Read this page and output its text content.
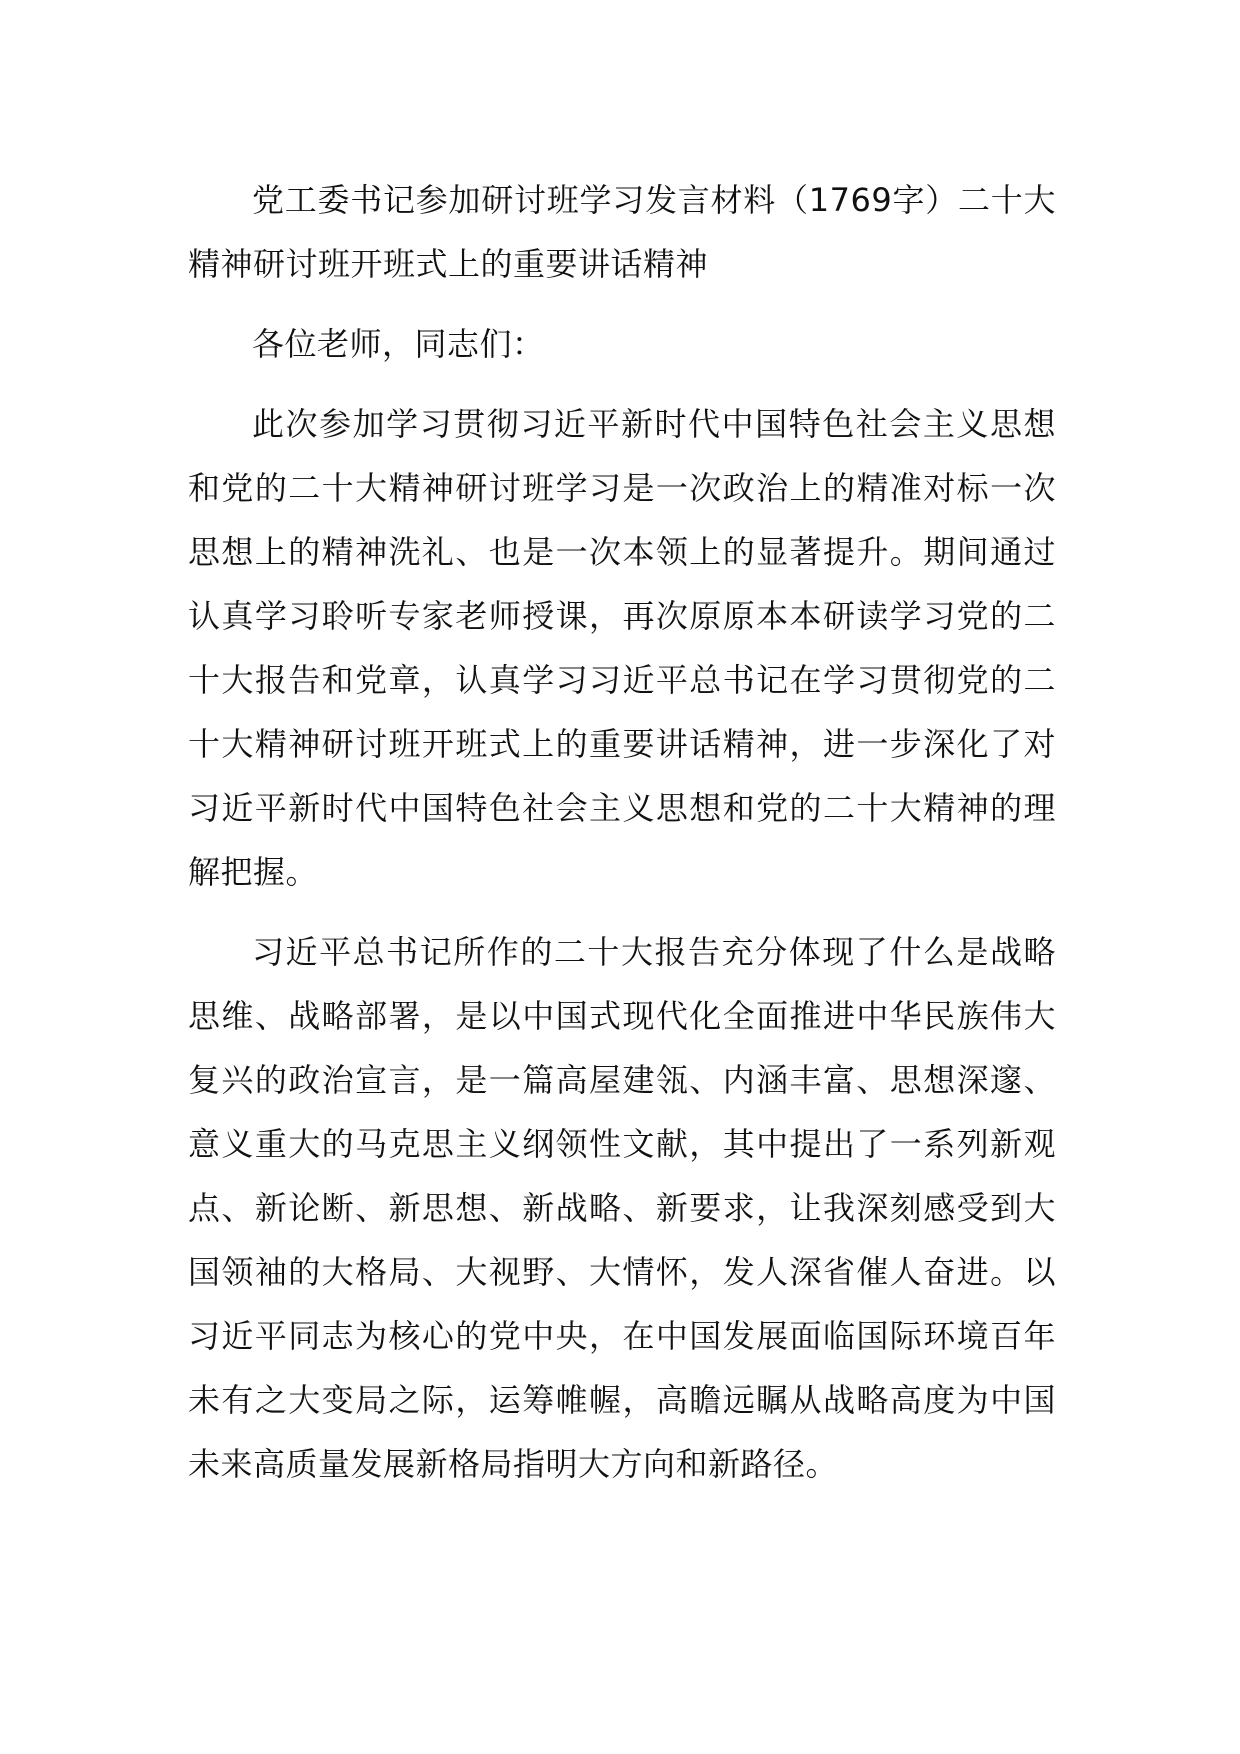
党工委书记参加研讨班学习发言材料（1769字）二十大精神研讨班开班式上的重要讲话精神

各位老师，同志们：

此次参加学习贯彻习近平新时代中国特色社会主义思想和党的二十大精神研讨班学习是一次政治上的精准对标一次思想上的精神洗礼、也是一次本领上的显著提升。期间通过认真学习聆听专家老师授课，再次原原本本研读学习党的二十大报告和党章，认真学习习近平总书记在学习贯彻党的二十大精神研讨班开班式上的重要讲话精神，进一步深化了对习近平新时代中国特色社会主义思想和党的二十大精神的理解把握。

习近平总书记所作的二十大报告充分体现了什么是战略思维、战略部署，是以中国式现代化全面推进中华民族伟大复兴的政治宣言，是一篇高屋建瓴、内涵丰富、思想深邃、意义重大的马克思主义纲领性文献，其中提出了一系列新观点、新论断、新思想、新战略、新要求，让我深刻感受到大国领袖的大格局、大视野、大情怀，发人深省催人奋进。以习近平同志为核心的党中央，在中国发展面临国际环境百年未有之大变局之际，运筹帷幄，高瞻远瞩从战略高度为中国未来高质量发展新格局指明大方向和新路径。
